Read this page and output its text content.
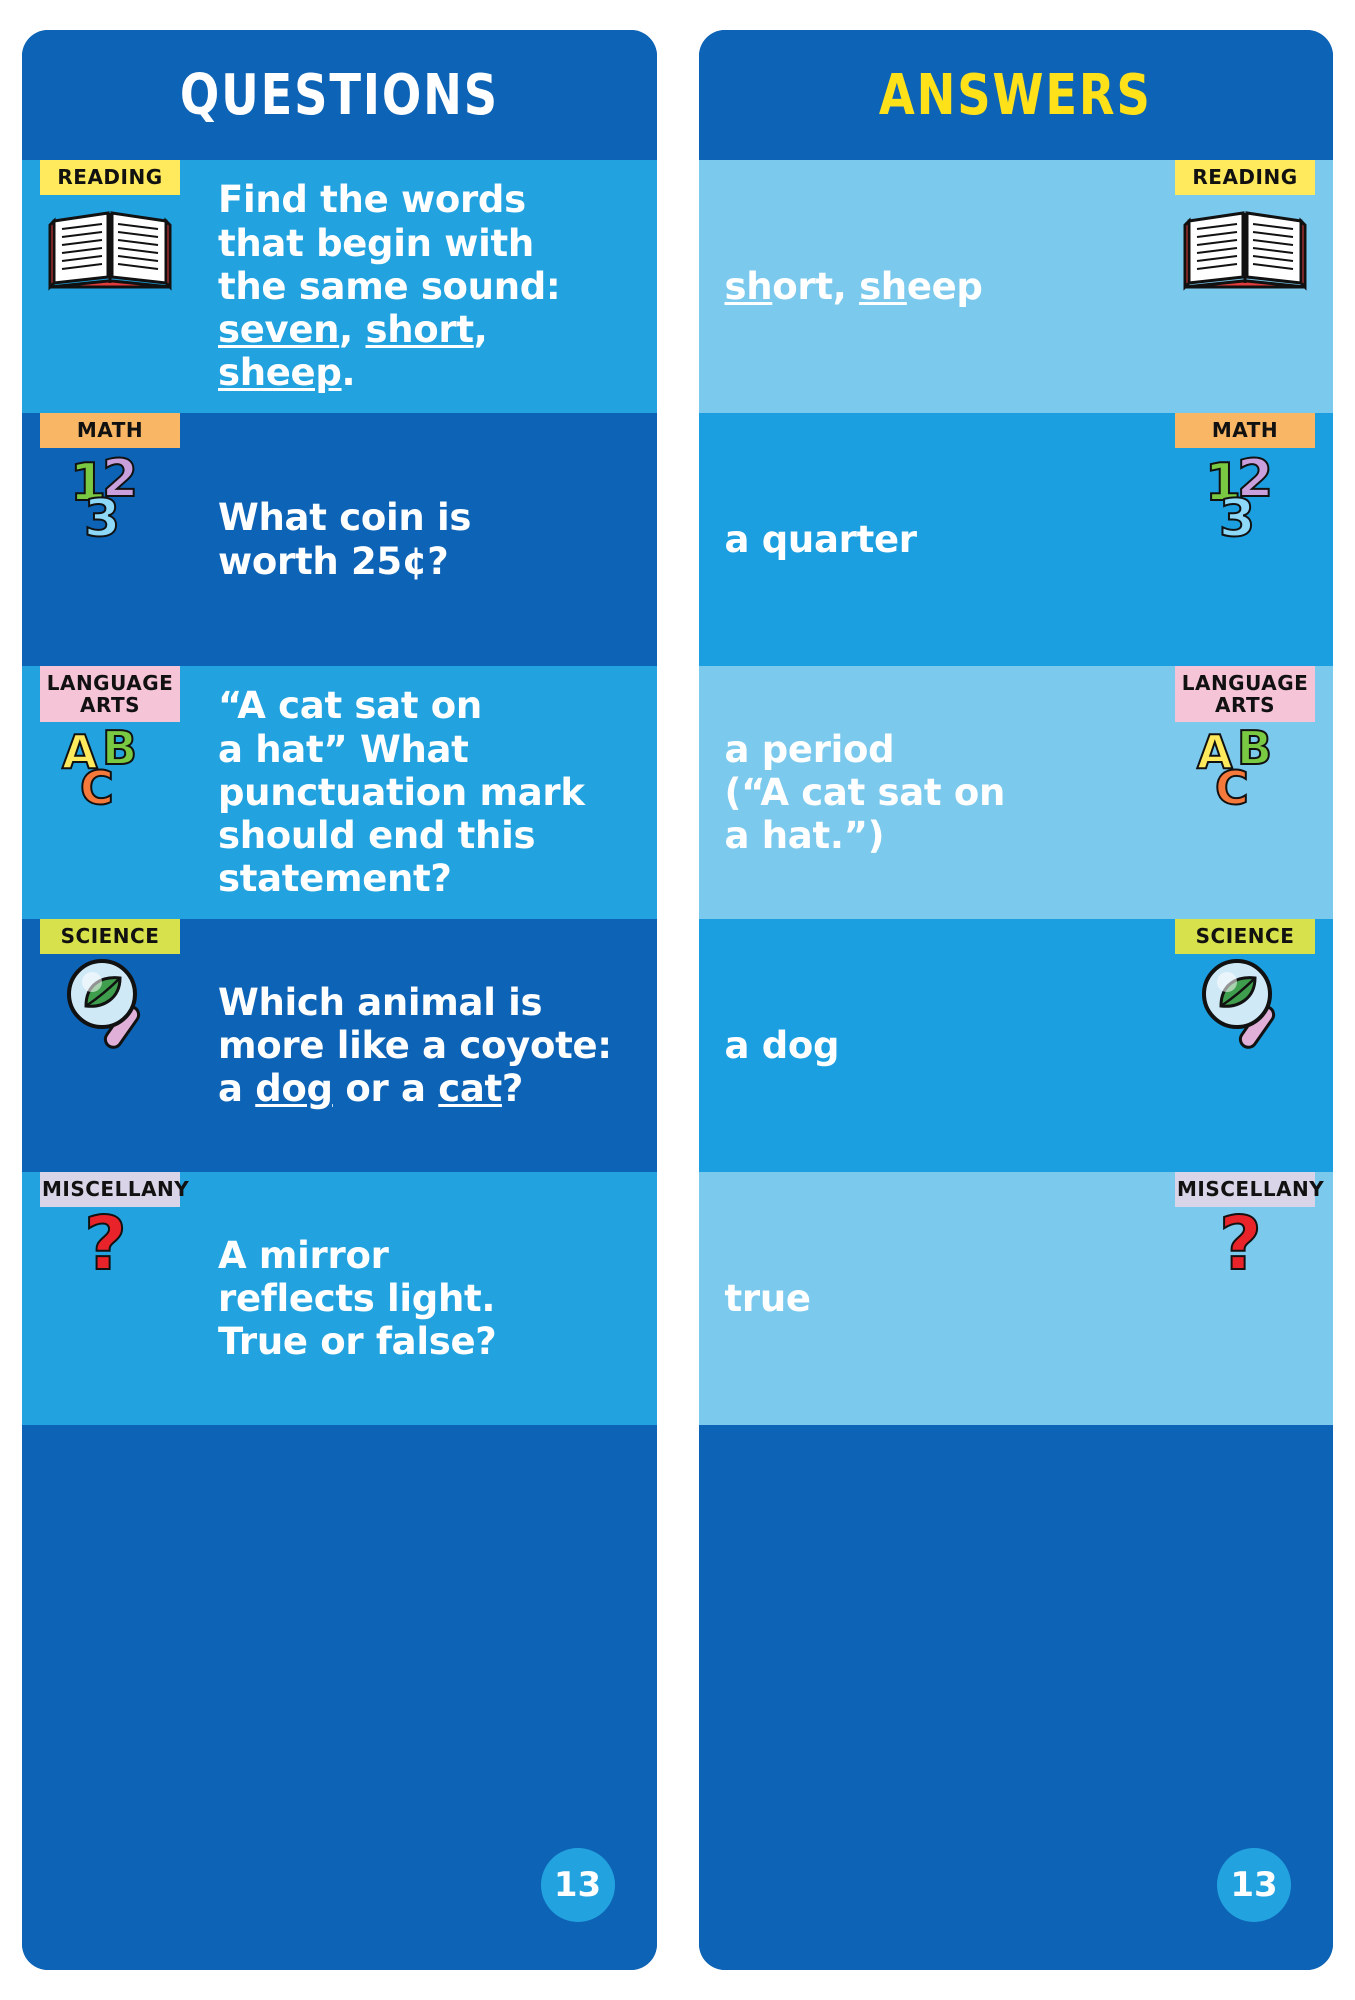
QUESTIONS
READING
Find the words
that begin with
the same sound:
seven, short,
sheep.
MATH
1
2
3	What coin is
worth 25¢?
LANGUAGE
ARTS
A B
C
“A cat sat on
a hat” What
punctuation mark
should end this
statement?
SCIENCE
Which animal is
more like a coyote:
a dog or a cat?
MISCELLANY
? A mirror
reflects light.
True or false?
13
ANSWERS
READING
short, sheep
MATH
1
2
3
a quarter
LANGUAGE
ARTS
A B
C
a period
(“A cat sat on
a hat.”)
SCIENCE
a dog
MISCELLANY
?
true
13
